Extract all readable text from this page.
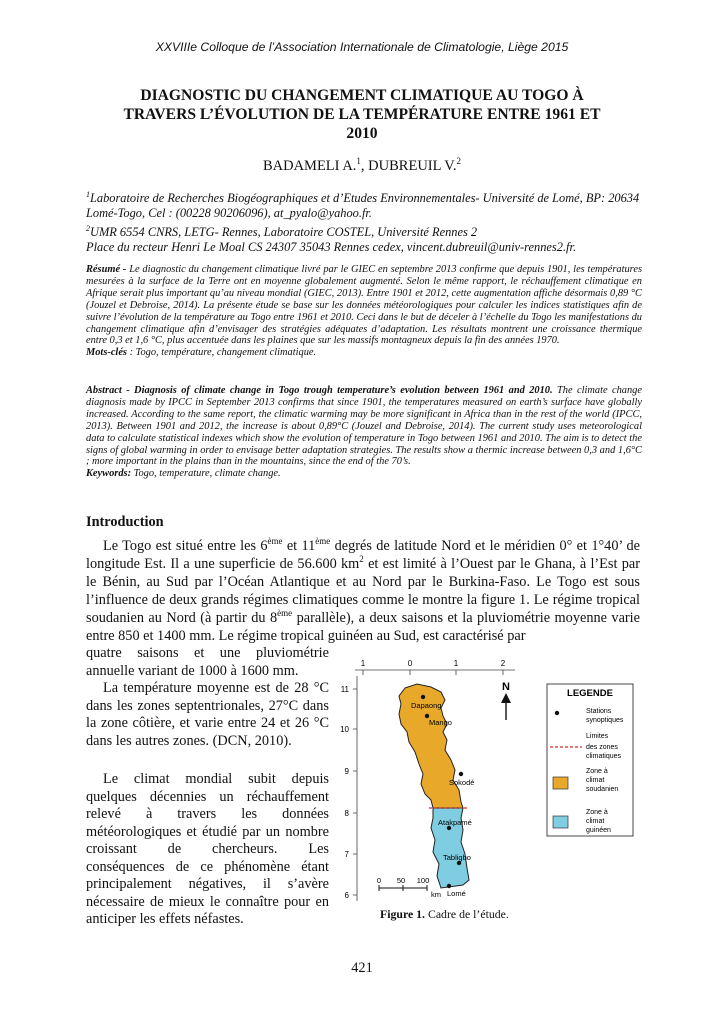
XXVIIIe Colloque de l’Association Internationale de Climatologie, Liège 2015
DIAGNOSTIC DU CHANGEMENT CLIMATIQUE AU TOGO À
TRAVERS L’ÉVOLUTION DE LA TEMPÉRATURE ENTRE 1961 ET
2010
BADAMELI A.$^1$, DUBREUIL V.$^2$
$^1$Laboratoire de Recherches Biogéographiques et d’Etudes Environnementales- Université de Lomé, BP: 20634
Lomé-Togo, Cel : (00228 90206096), at_pyalo@yahoo.fr.
$^2$UMR 6554 CNRS, LETG- Rennes, Laboratoire COSTEL, Université Rennes 2
Place du recteur Henri Le Moal CS 24307 35043 Rennes cedex, vincent.dubreuil@univ-rennes2.fr.
Résumé - Le diagnostic du changement climatique livré par le GIEC en septembre 2013 confirme que depuis 1901, les températures mesurées à la surface de la Terre ont en moyenne globalement augmenté. Selon le même rapport, le réchauffement climatique en Afrique serait plus important qu’au niveau mondial (GIEC, 2013). Entre 1901 et 2012, cette augmentation affiche désormais 0,89 °C (Jouzel et Debroise, 2014). La présente étude se base sur les données météorologiques pour calculer les indices statistiques afin de suivre l’évolution de la température au Togo entre 1961 et 2010. Ceci dans le but de déceler à l’échelle du Togo les manifestations du changement climatique afin d’envisager des stratégies adéquates d’adaptation. Les résultats montrent une croissance thermique entre 0,3 et 1,6 °C, plus accentuée dans les plaines que sur les massifs montagneux depuis la fin des années 1970.
Mots-clés : Togo, température, changement climatique.
Abstract - Diagnosis of climate change in Togo trough temperature’s evolution between 1961 and 2010. The climate change diagnosis made by IPCC in September 2013 confirms that since 1901, the temperatures measured on earth’s surface have globally increased. According to the same report, the climatic warming may be more significant in Africa than in the rest of the world (IPCC, 2013). Between 1901 and 2012, the increase is about 0,89°C (Jouzel and Debroise, 2014). The current study uses meteorological data to calculate statistical indexes which show the evolution of temperature in Togo between 1961 and 2010. The aim is to detect the signs of global warming in order to envisage better adaptation strategies. The results show a thermic increase between 0,3 and 1,6°C ; more important in the plains than in the mountains, since the end of the 70’s.
Keywords: Togo, temperature, climate change.
Introduction
Le Togo est situé entre les 6ème et 11ème degrés de latitude Nord et le méridien 0° et 1°40’ de longitude Est. Il a une superficie de 56.600 $km^2$ et est limité à l’Ouest par le Ghana, à l’Est par le Bénin, au Sud par l’Océan Atlantique et au Nord par le Burkina-Faso. Le Togo est sous l’influence de deux grands régimes climatiques comme le montre la figure 1. Le régime tropical soudanien au Nord (à partir du 8ème parallèle), a deux saisons et la pluviométrie moyenne varie entre 850 et 1400 mm. Le régime tropical guinéen au Sud, est caractérisé par
quatre saisons et une pluviométrie annuelle variant de 1000 à 1600 mm.
La température moyenne est de 28 °C dans les zones septentrionales, 27°C dans la zone côtière, et varie entre 24 et 26 °C dans les autres zones. (DCN, 2010).
Le climat mondial subit depuis quelques décennies un réchauffement relevé à travers les données météorologiques et étudié par un nombre croissant de chercheurs. Les conséquences de ce phénomène étant principalement négatives, il s’avère nécessaire de mieux le connaître pour en anticiper les effets néfastes.
1	0	1	2
11
10
9
8
7
6
Dapaong
Mango
Sokodé
Atakpamé
Tabligbo
Lomé
N
0 50 100
km
LEGENDE
Stations
synoptiques
Limites
des zones
climatiques
Zone à
climat
soudanien
Zone à
climat
guinéen
Figure 1. Cadre de l’étude.
421
